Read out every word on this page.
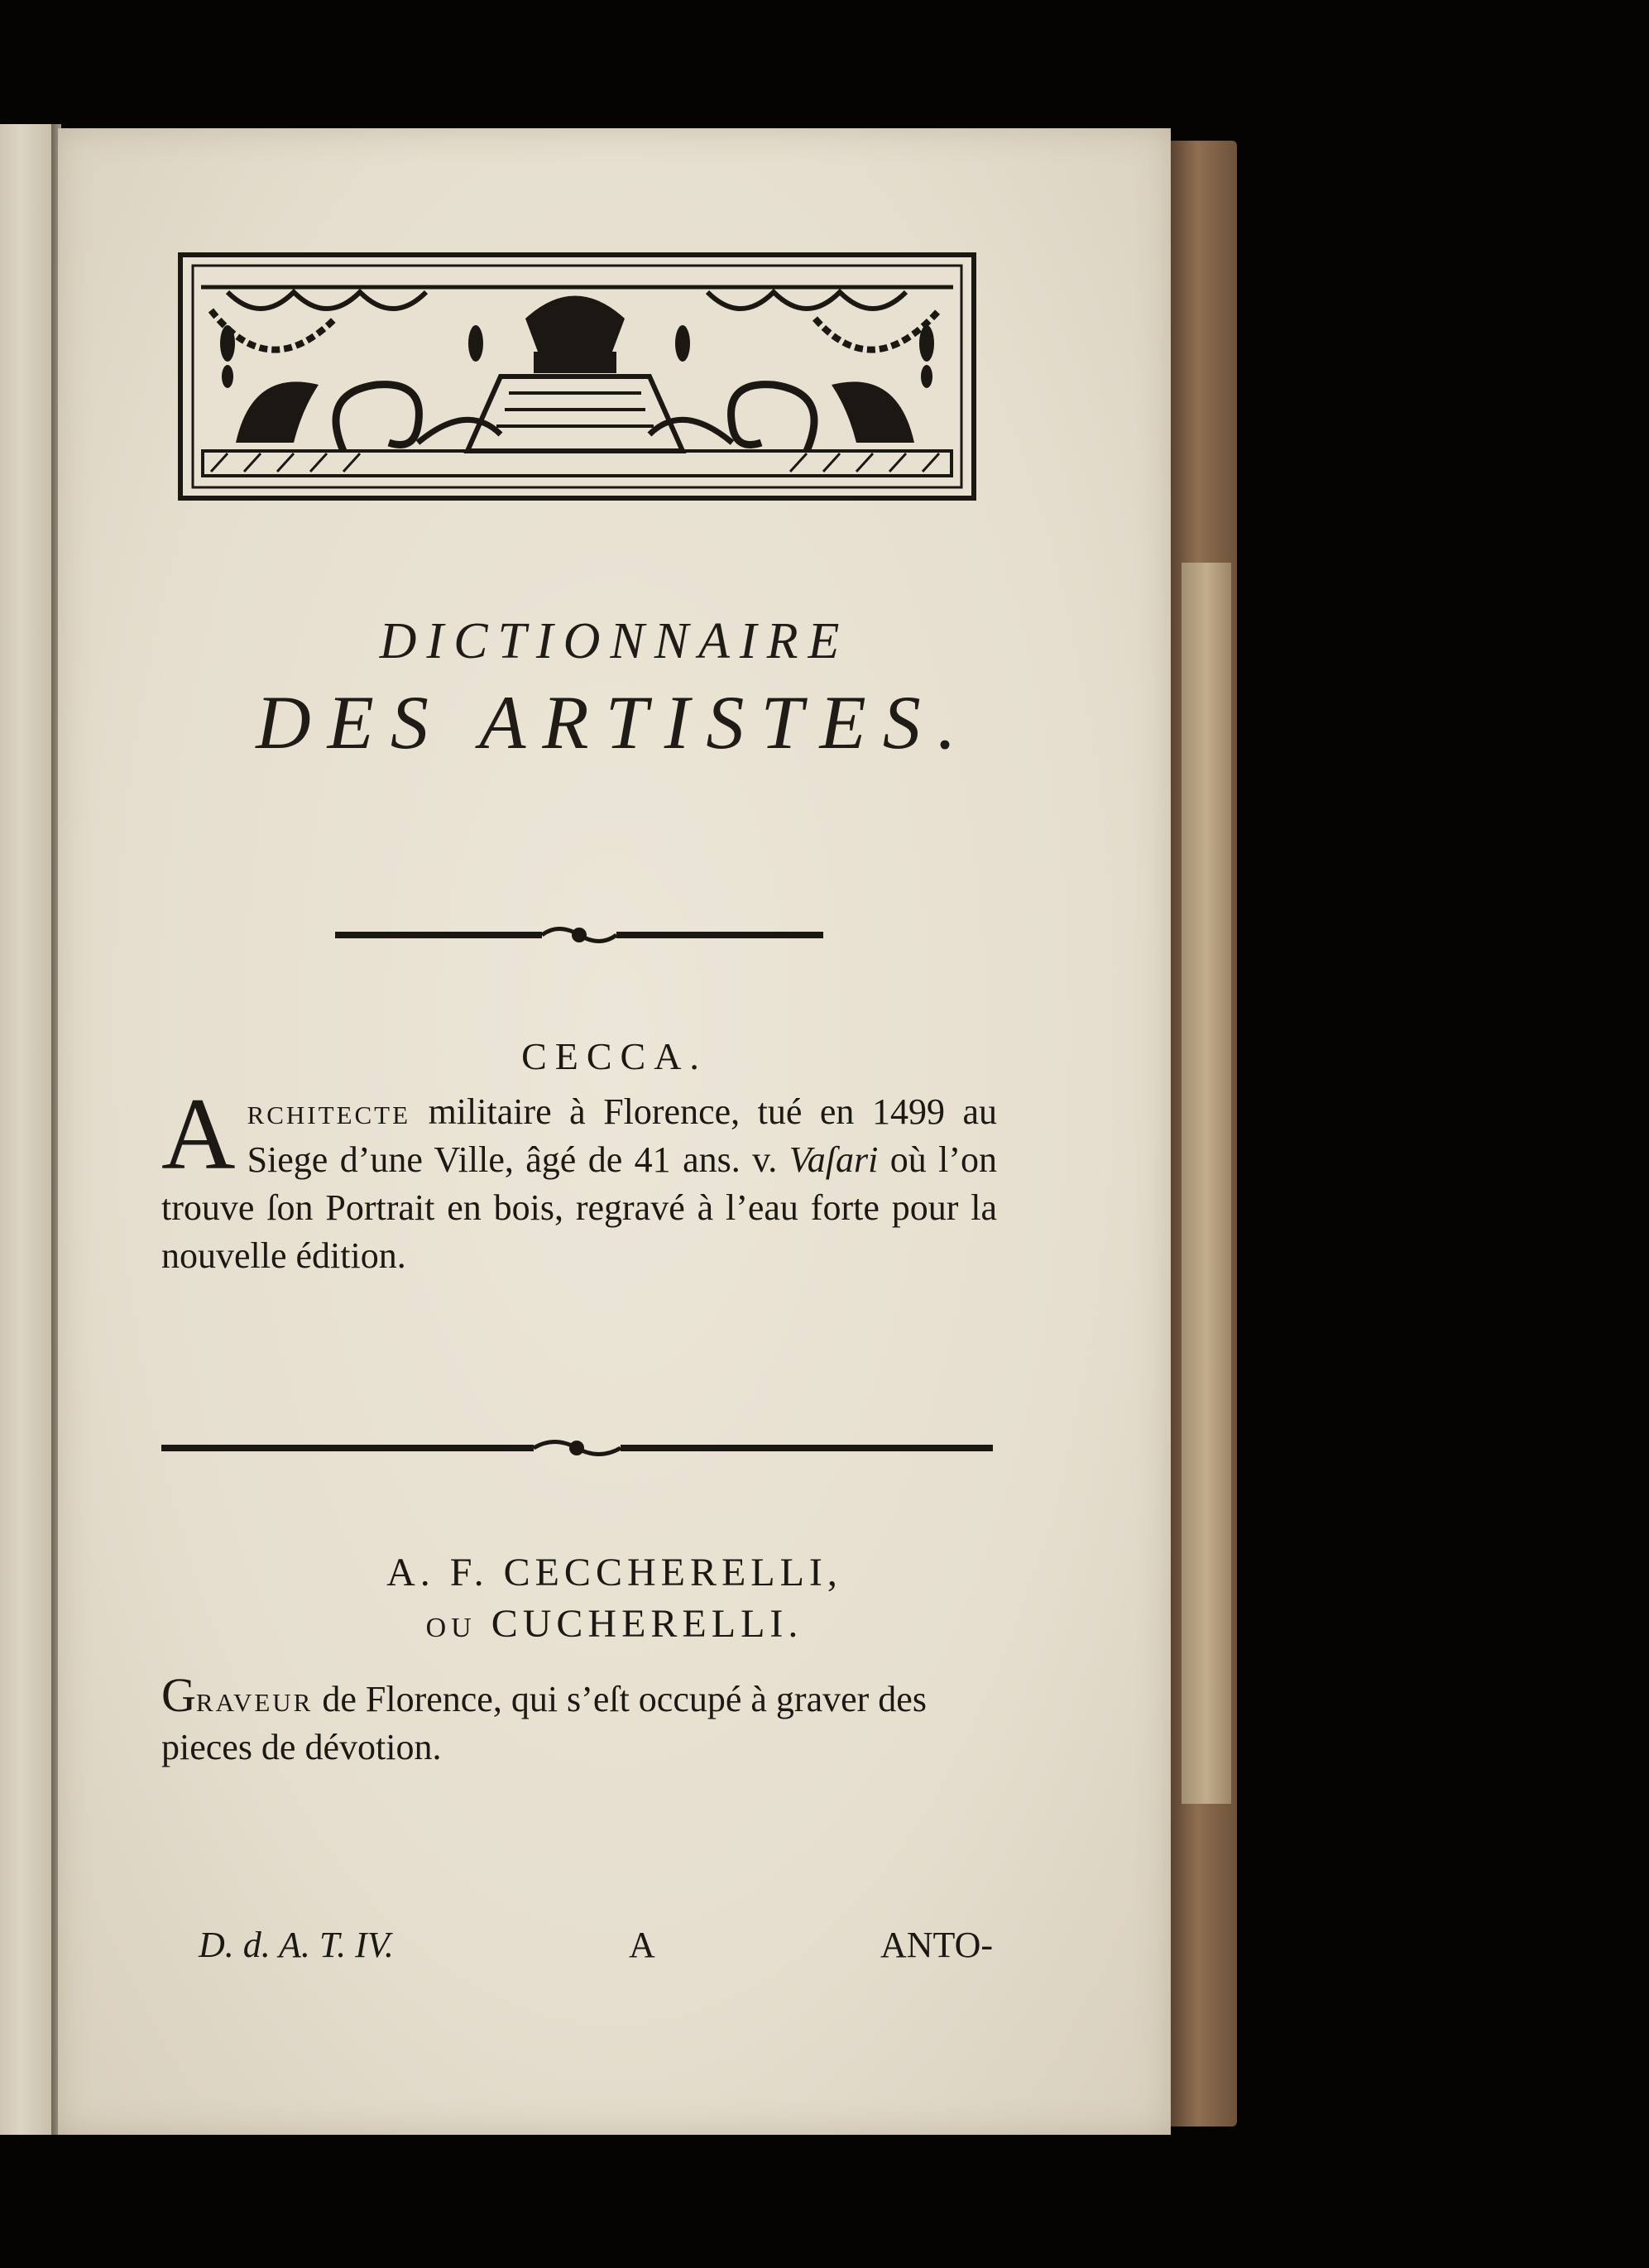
DICTIONNAIRE
DES ARTISTES.
CECCA.
Architecte militaire à Florence, tué en 1499 au Siege d’une Ville, âgé de 41 ans. v. Vaſari où l’on trouve ſon Portrait en bois, regravé à l’eau forte pour la nouvelle édition.
A. F. CECCHERELLI,
ou CUCHERELLI.
Graveur de Florence, qui s’eſt occupé à graver des pieces de dévotion.
D. d. A. T. IV.	A	ANTO-
